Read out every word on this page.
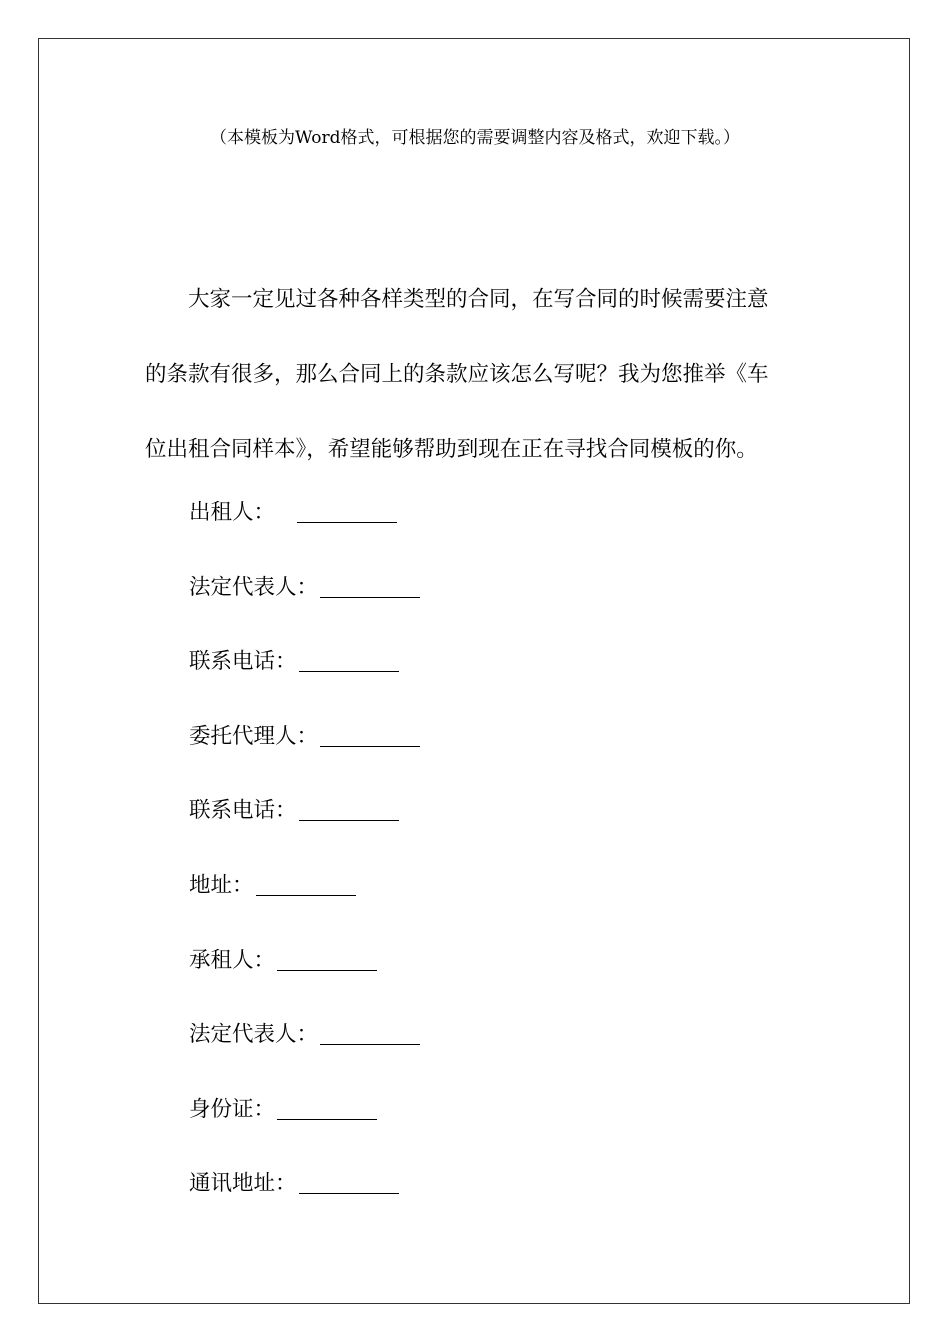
（本模板为Word格式，可根据您的需要调整内容及格式，欢迎下载。）
大家一定见过各种各样类型的合同，在写合同的时候需要注意
的条款有很多，那么合同上的条款应该怎么写呢？我为您推举《车
位出租合同样本》，希望能够帮助到现在正在寻找合同模板的你。
出租人：
法定代表人：
联系电话：
委托代理人：
联系电话：
地址：
承租人：
法定代表人：
身份证：
通讯地址：
